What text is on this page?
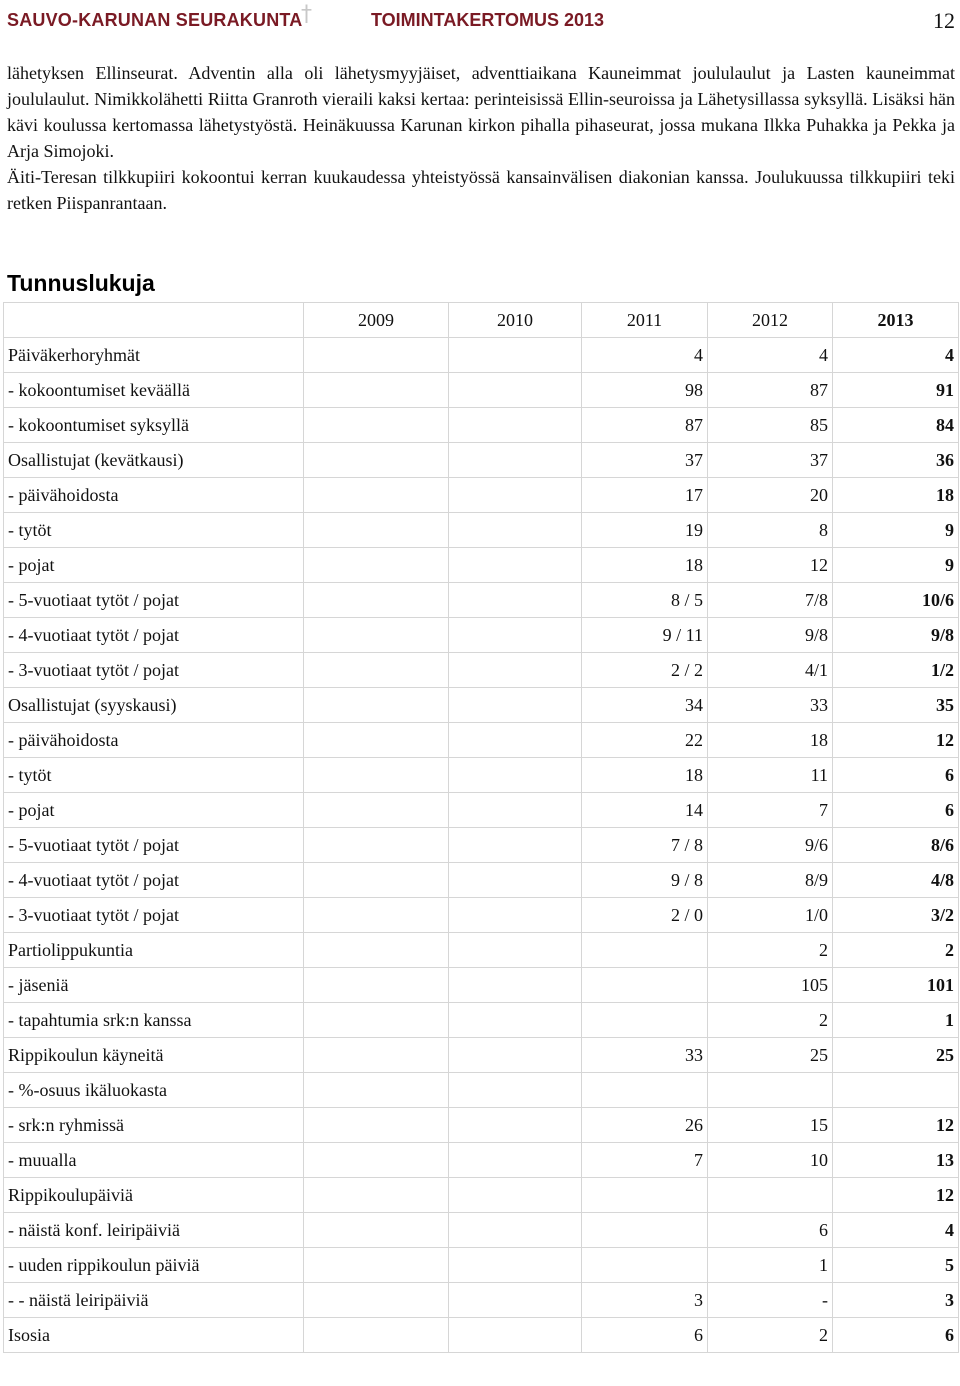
SAUVO-KARUNAN SEURAKUNTA
†	TOIMINTAKERTOMUS 2013	12

lähetyksen Ellinseurat. Adventin alla oli lähetysmyyjäiset, adventtiaikana Kauneimmat joululaulut ja Lasten kauneimmat joululaulut. Nimikkolähetti Riitta Granroth vieraili kaksi kertaa: perinteisissä Ellin-seuroissa ja Lähetysillassa syksyllä. Lisäksi hän kävi koulussa kertomassa lähetystyöstä. Heinäkuussa Karunan kirkon pihalla pihaseurat, jossa mukana Ilkka Puhakka ja Pekka ja Arja Simojoki.

Äiti-Teresan tilkkupiiri kokoontui kerran kuukaudessa yhteistyössä kansainvälisen diakonian kanssa. Joulukuussa tilkkupiiri teki retken Piispanrantaan.

Tunnuslukuja
	2009	2010	2011	2012	2013
Päiväkerhoryhmät			4	4	4
- kokoontumiset keväällä			98	87	91
- kokoontumiset syksyllä			87	85	84
Osallistujat (kevätkausi)			37	37	36
- päivähoidosta			17	20	18
- tytöt			19	8	9
- pojat			18	12	9
- 5-vuotiaat tytöt / pojat			8 / 5	7/8	10/6
- 4-vuotiaat tytöt / pojat			9 / 11	9/8	9/8
- 3-vuotiaat tytöt / pojat			2 / 2	4/1	1/2
Osallistujat (syyskausi)			34	33	35
- päivähoidosta			22	18	12
- tytöt			18	11	6
- pojat			14	7	6
- 5-vuotiaat tytöt / pojat			7 / 8	9/6	8/6
- 4-vuotiaat tytöt / pojat			9 / 8	8/9	4/8
- 3-vuotiaat tytöt / pojat			2 / 0	1/0	3/2
Partiolippukuntia				2	2
- jäseniä				105	101
- tapahtumia srk:n kanssa				2	1
Rippikoulun käyneitä			33	25	25
- %-osuus ikäluokasta					
- srk:n ryhmissä			26	15	12
- muualla			7	10	13
Rippikoulupäiviä					12
- näistä konf. leiripäiviä				6	4
- uuden rippikoulun päiviä				1	5
- - näistä leiripäiviä			3	-	3
Isosia			6	2	6
